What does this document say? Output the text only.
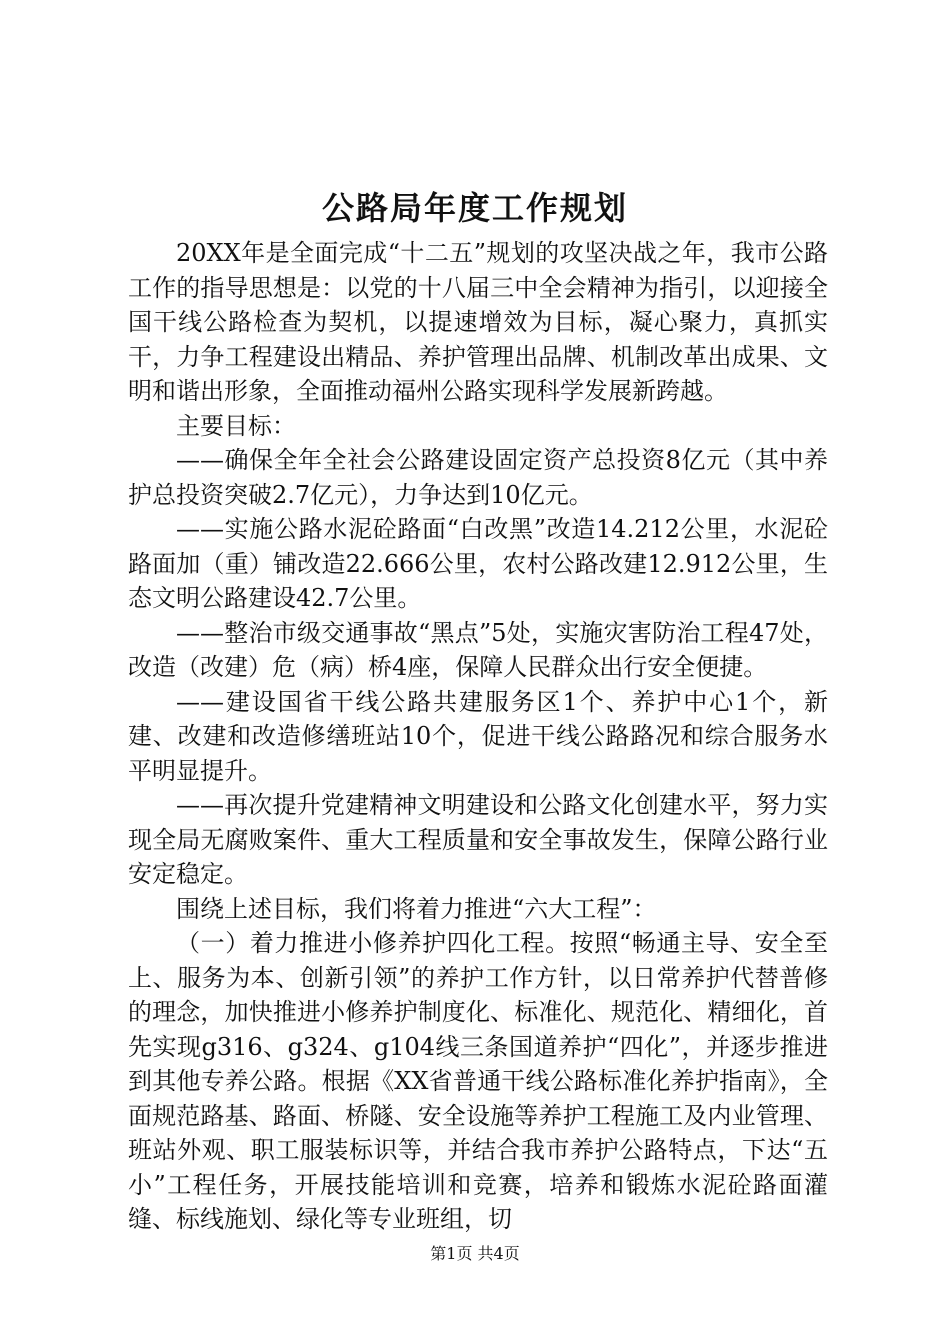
公路局年度工作规划

20XX年是全面完成“十二五”规划的攻坚决战之年，我市公路工作的指导思想是：以党的十八届三中全会精神为指引，以迎接全国干线公路检查为契机，以提速增效为目标，凝心聚力，真抓实干，力争工程建设出精品、养护管理出品牌、机制改革出成果、文明和谐出形象，全面推动福州公路实现科学发展新跨越。

主要目标：

——确保全年全社会公路建设固定资产总投资8亿元（其中养护总投资突破2.7亿元），力争达到10亿元。

——实施公路水泥砼路面“白改黑”改造14.212公里，水泥砼路面加（重）铺改造22.666公里，农村公路改建12.912公里，生态文明公路建设42.7公里。

——整治市级交通事故“黑点”5处，实施灾害防治工程47处，改造（改建）危（病）桥4座，保障人民群众出行安全便捷。

——建设国省干线公路共建服务区1个、养护中心1个，新建、改建和改造修缮班站10个，促进干线公路路况和综合服务水平明显提升。

——再次提升党建精神文明建设和公路文化创建水平，努力实现全局无腐败案件、重大工程质量和安全事故发生，保障公路行业安定稳定。

围绕上述目标，我们将着力推进“六大工程”：

（一）着力推进小修养护四化工程。按照“畅通主导、安全至上、服务为本、创新引领”的养护工作方针，以日常养护代替普修的理念，加快推进小修养护制度化、标准化、规范化、精细化，首先实现g316、g324、g104线三条国道养护“四化”，并逐步推进到其他专养公路。根据《XX省普通干线公路标准化养护指南》，全面规范路基、路面、桥隧、安全设施等养护工程施工及内业管理、班站外观、职工服装标识等，并结合我市养护公路特点，下达“五小”工程任务，开展技能培训和竞赛，培养和锻炼水泥砼路面灌缝、标线施划、绿化等专业班组，切

第1页 共4页
